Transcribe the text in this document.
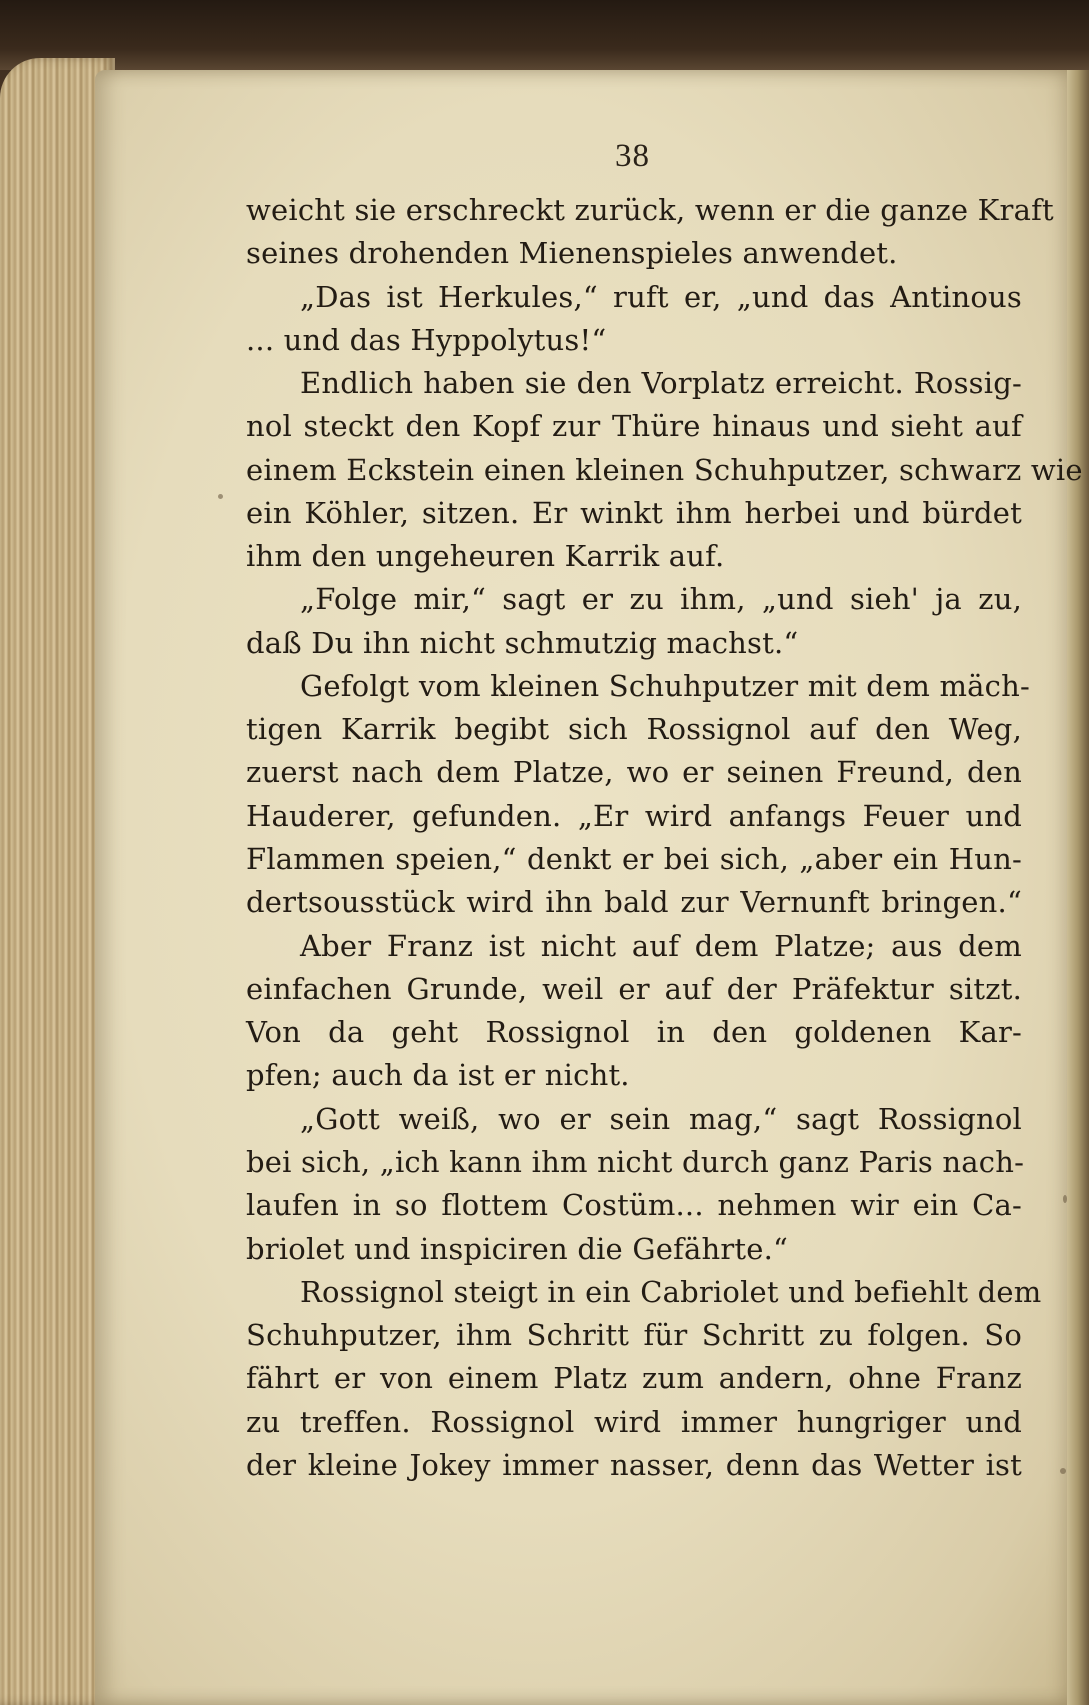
38
weicht sie erschreckt zurück, wenn er die ganze Kraft
seines drohenden Mienenspieles anwendet.
„Das ist Herkules,“ ruft er, „und das Antinous
... und das Hyppolytus!“
Endlich haben sie den Vorplatz erreicht. Rossig-
nol steckt den Kopf zur Thüre hinaus und sieht auf
einem Eckstein einen kleinen Schuhputzer, schwarz wie
ein Köhler, sitzen. Er winkt ihm herbei und bürdet
ihm den ungeheuren Karrik auf.
„Folge mir,“ sagt er zu ihm, „und sieh' ja zu,
daß Du ihn nicht schmutzig machst.“
Gefolgt vom kleinen Schuhputzer mit dem mäch-
tigen Karrik begibt sich Rossignol auf den Weg,
zuerst nach dem Platze, wo er seinen Freund, den
Hauderer, gefunden. „Er wird anfangs Feuer und
Flammen speien,“ denkt er bei sich, „aber ein Hun-
dertsousstück wird ihn bald zur Vernunft bringen.“
Aber Franz ist nicht auf dem Platze; aus dem
einfachen Grunde, weil er auf der Präfektur sitzt.
Von da geht Rossignol in den goldenen Kar-
pfen; auch da ist er nicht.
„Gott weiß, wo er sein mag,“ sagt Rossignol
bei sich, „ich kann ihm nicht durch ganz Paris nach-
laufen in so flottem Costüm... nehmen wir ein Ca-
briolet und inspiciren die Gefährte.“
Rossignol steigt in ein Cabriolet und befiehlt dem
Schuhputzer, ihm Schritt für Schritt zu folgen. So
fährt er von einem Platz zum andern, ohne Franz
zu treffen. Rossignol wird immer hungriger und
der kleine Jokey immer nasser, denn das Wetter ist
